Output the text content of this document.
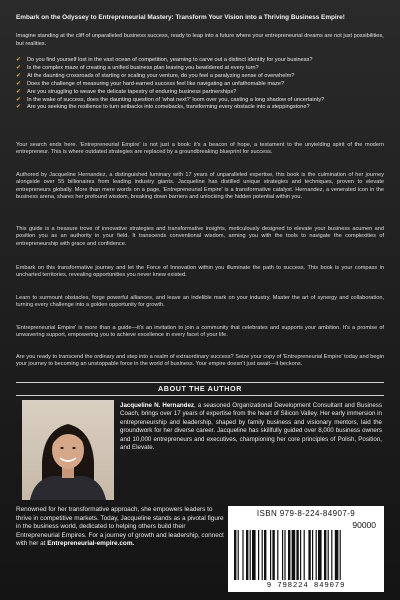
Embark on the Odyssey to Entrepreneurial Mastery: Transform Your Vision into a Thriving Business Empire!

Imagine standing at the cliff of unparalleled business success, ready to leap into a future where your entrepreneurial dreams are not just possibilities, but realities.

✔ Do you find yourself lost in the vast ocean of competition, yearning to carve out a distinct identity for your business?
✔ Is the complex maze of creating a unified business plan leaving you bewildered at every turn?
✔ At the daunting crossroads of starting or scaling your venture, do you feel a paralyzing sense of overwhelm?
✔ Does the challenge of measuring your hard-earned success feel like navigating an unfathomable maze?
✔ Are you struggling to weave the delicate tapestry of enduring business partnerships?
✔ In the wake of success, does the daunting question of 'what next?' loom over you, casting a long shadow of uncertainty?
✔ Are you seeking the resilience to turn setbacks into comebacks, transforming every obstacle into a steppingstone?

Your search ends here. 'Entrepreneurial Empire' is not just a book: it's a beacon of hope, a testament to the unyielding spirit of the modern entrepreneur. This is where outdated strategies are replaced by a groundbreaking blueprint for success.

Authored by Jacqueline Hernandez, a distinguished luminary with 17 years of unparalleled expertise, this book is the culmination of her journey alongside over 55 billionaires from leading industry giants. Jacqueline has distilled unique strategies and techniques, proven to elevate entrepreneurs globally. More than mere words on a page, 'Entrepreneurial Empire' is a transformative catalyst. Hernandez, a venerated icon in the business arena, shares her profound wisdom, breaking down barriers and unlocking the hidden potential within you.

This guide is a treasure trove of innovative strategies and transformative insights, meticulously designed to elevate your business acumen and position you as an authority in your field. It transcends conventional wisdom, arming you with the tools to navigate the complexities of entrepreneurship with grace and confidence.

Embark on this transformative journey and let the Force of Innovation within you illuminate the path to success. This book is your compass in uncharted territories, revealing opportunities you never knew existed.

Learn to surmount obstacles, forge powerful alliances, and leave an indelible mark on your industry. Master the art of synergy and collaboration, turning every challenge into a golden opportunity for growth.

'Entrepreneurial Empire' is more than a guide—it's an invitation to join a community that celebrates and supports your ambition. It's a promise of unwavering support, empowering you to achieve excellence in every facet of your life.

Are you ready to transcend the ordinary and step into a realm of extraordinary success? Seize your copy of 'Entrepreneurial Empire' today and begin your journey to becoming an unstoppable force in the world of business. Your empire doesn't just await—it beckons.

ABOUT THE AUTHOR

Jacqueline N. Hernandez, a seasoned Organizational Development Consultant and Business Coach, brings over 17 years of expertise from the heart of Silicon Valley. Her early immersion in entrepreneurship and leadership, shaped by family business and visionary mentors, laid the groundwork for her diverse career. Jacqueline has skillfully guided over 8,000 business owners and 10,000 entrepreneurs and executives, championing her core principles of Polish, Position, and Elevate.

Renowned for her transformative approach, she empowers leaders to thrive in competitive markets. Today, Jacqueline stands as a pivotal figure in the business world, dedicated to helping others build their Entrepreneurial Empires. For a journey of growth and leadership, connect with her at Entrepreneurial-empire.com.

ISBN 979-8-224-84907-9
90000
9 798224 849079
